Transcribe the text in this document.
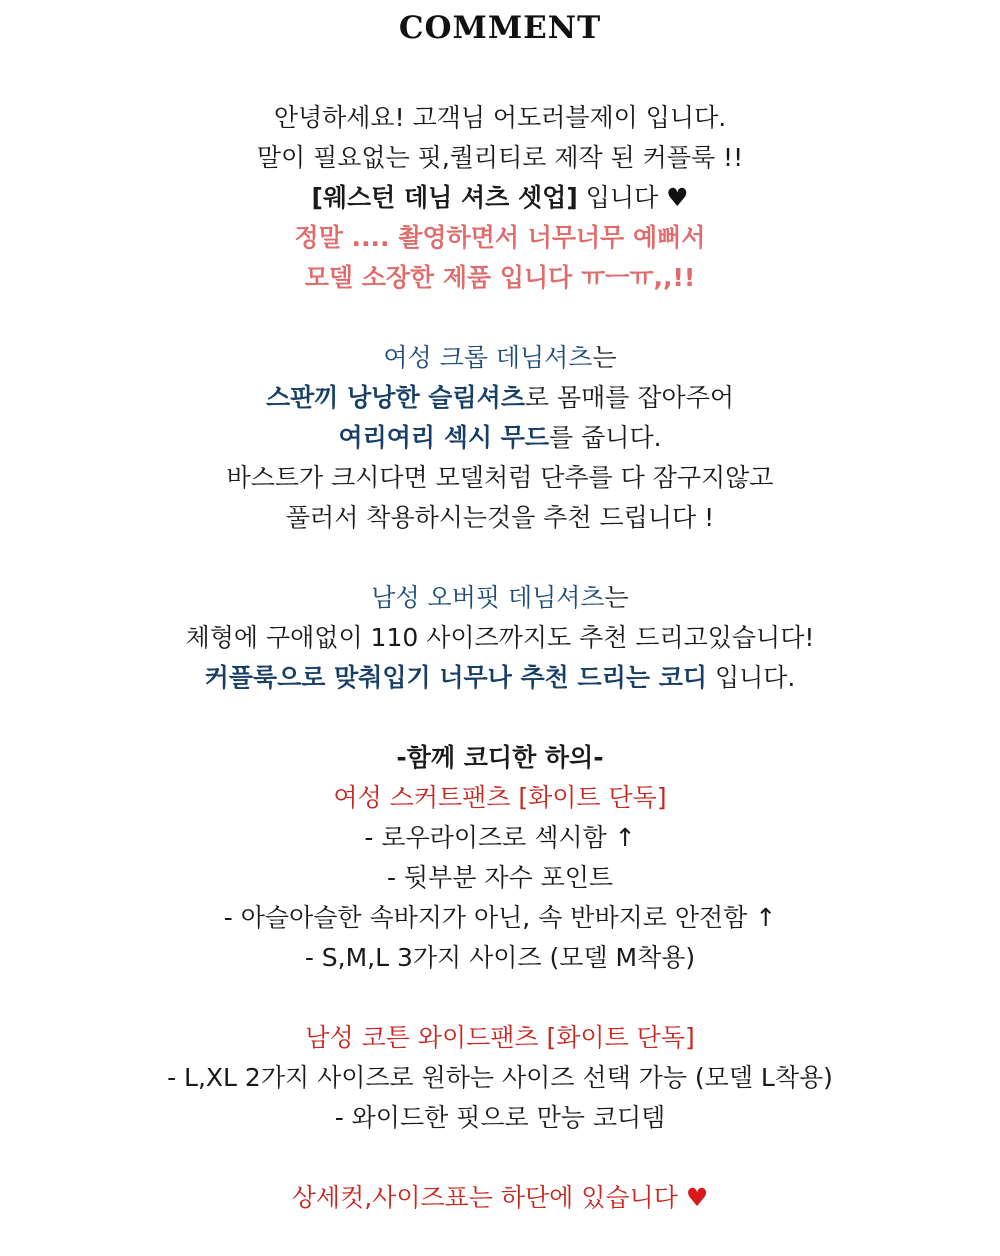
COMMENT
안녕하세요! 고객님 어도러블제이 입니다.
말이 필요없는 핏,퀄리티로 제작 된 커플룩 !!
[웨스턴 데님 셔츠 셋업] 입니다 ♥
정말 .... 촬영하면서 너무너무 예뻐서
모델 소장한 제품 입니다 ㅠㅡㅠ,,!!
여성 크롭 데님셔츠는
스판끼 낭낭한 슬림셔츠로 몸매를 잡아주어
여리여리 섹시 무드를 줍니다.
바스트가 크시다면 모델처럼 단추를 다 잠구지않고
풀러서 착용하시는것을 추천 드립니다 !
남성 오버핏 데님셔츠는
체형에 구애없이 110 사이즈까지도 추천 드리고있습니다!
커플룩으로 맞춰입기 너무나 추천 드리는 코디 입니다.
-함께 코디한 하의-
여성 스커트팬츠 [화이트 단독]
- 로우라이즈로 섹시함 ↑
- 뒷부분 자수 포인트
- 아슬아슬한 속바지가 아닌, 속 반바지로 안전함 ↑
- S,M,L 3가지 사이즈 (모델 M착용)
남성 코튼 와이드팬츠 [화이트 단독]
- L,XL 2가지 사이즈로 원하는 사이즈 선택 가능 (모델 L착용)
- 와이드한 핏으로 만능 코디템
상세컷,사이즈표는 하단에 있습니다 ♥
